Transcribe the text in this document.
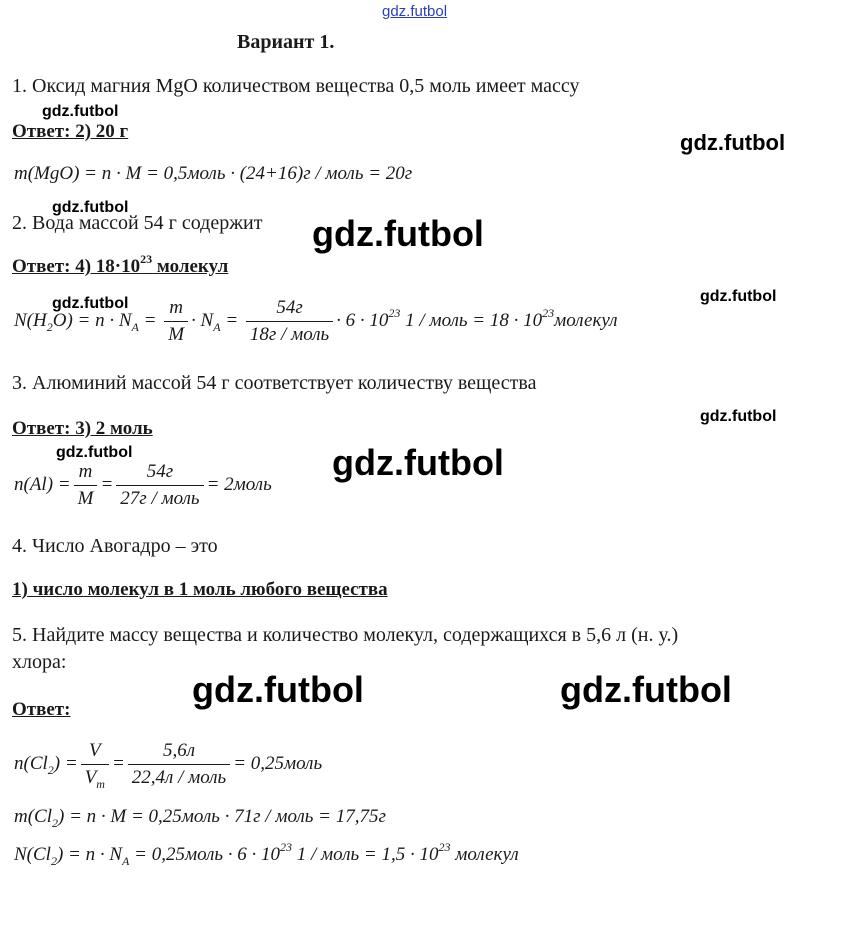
gdz.futbol
gdz.futbol
gdz.futbol
gdz.futbol
gdz.futbol
gdz.futbol
gdz.futbol
gdz.futbol
gdz.futbol	gdz.futbol
gdz.futbol	gdz.futbol
Вариант 1.
1. Оксид магния MgO количеством вещества 0,5 моль имеет массу
Ответ: 2) 20 г
m(MgO) = n · M = 0,5моль · (24+16)г / моль = 20г
2. Вода массой 54 г содержит
Ответ: 4) $18\cdot 10^{23}$ молекул
$N(H_2O) = n \cdot N_A = \frac{m}{M} \cdot N_A = \frac{54г}{\text{18г / моль}} \cdot 6 \cdot 10^{23}$ 1 / моль = $18 \cdot 10^{23}молекул$
3. Алюминий массой 54 г соответствует количеству вещества
Ответ: 3) 2 моль
$n(Al) = \frac{m}{M} = \frac{54г}{\text{27г / моль}}$ = 2моль
4. Число Авогадро – это
1) число молекул в 1 моль любого вещества
5. Найдите массу вещества и количество молекул, содержащихся в 5,6 л (н. у.)
хлора:
Ответ:
$n(Cl_2) = \frac{V}{V_m} = \frac{5,6л}{\text{22,4л / моль}}$ = 0,25моль
$m(Cl_2) = n \cdot M$ = 0,25моль · 71г / моль = 17,75г
$N(Cl_2) = n \cdot N_A$ = 0,25моль · $6 \cdot 10^{23}$ 1 / моль = $1,5 \cdot 10^{23}$ молекул
